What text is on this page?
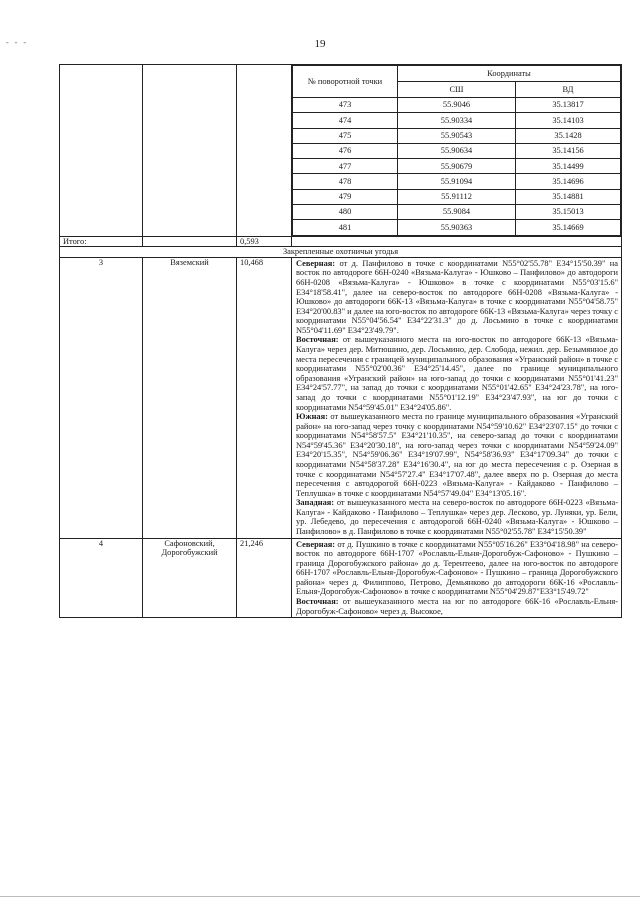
- - -	19

№ поворотной точки	Координаты
СШ	ВД
473	55.9046	35.13817
474	55.90334	35.14103
475	55.90543	35.1428
476	55.90634	35.14156
477	55.90679	35.14499
478	55.91094	35.14696
479	55.91112	35.14881
480	55.9084	35.15013
481	55.90363	35.14669

Итого:		0,593	
Закрепленные охотничьи угодья
3	Вяземский	10,468	Северная: от д. Панфилово в точке с координатами N55°02'55.78" E34°15'50.39" на восток по автодороге 66Н-0240 «Вязьма-Калуга» - Юшково – Панфилово» до автодороги 66Н-0208 «Вязьма-Калуга» - Юшково» в точке с координатами N55°03'15.6" E34°18'58.41", далее на северо-восток по автодороге 66Н-0208 «Вязьма-Калуга» - Юшково» до автодороги 66К-13 «Вязьма-Калуга» в точке с координатами N55°04'58.75" E34°20'00.83" и далее на юго-восток по автодороге 66К-13 «Вязьма-Калуга» через точку с координатами N55°04'56.54" E34°22'31.3" до д. Лосьмино в точке с координатами N55°04'11.69" E34°23'49.79".

Восточная: от вышеуказанного места на юго-восток по автодороге 66К-13 «Вязьма-Калуга» через дер. Митюшино, дер. Лосьмино, дер. Слобода, нежил. дер. Безымянное до места пересечения с границей муниципального образования «Угранский район» в точке с координатами N55°02'00.36" E34°25'14.45", далее по границе муниципального образования «Угранский район» на юго-запад до точки с координатами N55°01'41.23" E34°24'57.77", на запад до точки с координатами N55°01'42.65" E34°24'23.78", на юго-запад до точки с координатами N55°01'12.19" E34°23'47.93", на юг до точки с координатами N54°59'45.01" E34°24'05.86".

Южная: от вышеуказанного места по границе муниципального образования «Угранский район» на юго-запад через точку с координатами N54°59'10.62" E34°23'07.15" до точки с координатами N54°58'57.5" E34°21'10.35", на северо-запад до точки с координатами N54°59'45.36" E34°20'30.18", на юго-запад через точки с координатами N54°59'24.09" E34°20'15.35", N54°59'06.36" E34°19'07.99", N54°58'36.93" E34°17'09.34" до точки с координатами N54°58'37.28" E34°16'30.4", на юг до места пересечения с р. Озерная в точке с координатами N54°57'27.4" E34°17'07.48", далее вверх по р. Озерная до места пересечения с автодорогой 66Н-0223 «Вязьма-Калуга» - Кайдаково - Панфилово – Теплушка» в точке с координатами N54°57'49.04" E34°13'05.16".

Западная: от вышеуказанного места на северо-восток по автодороге 66Н-0223 «Вязьма-Калуга» - Кайдаково - Панфилово – Теплушка» через дер. Лесково, ур. Луняки, ур. Бели, ур. Лебедево, до пересечения с автодорогой 66Н-0240 «Вязьма-Калуга» - Юшково – Панфилово» в д. Панфилово в точке с координатами N55°02'55.78" E34°15'50.39"

4	Сафоновский, Дорогобужский	21,246	Северная: от д. Пушкино в точке с координатами N55°05'16.26" E33°04'18.98" на северо-восток по автодороге 66Н-1707 «Рославль-Ельня-Дорогобуж-Сафоново» - Пушкино – граница Дорогобужского района» до д. Терентеево, далее на юго-восток по автодороге 66Н-1707 «Рославль-Ельня-Дорогобуж-Сафоново» - Пушкино – граница Дорогобужского района» через д. Филиппово, Петрово, Демьянково до автодороги 66К-16 «Рославль-Ельня-Дорогобуж-Сафоново» в точке с координатами N55°04'29.87"E33°15'49.72"

Восточная: от вышеуказанного места на юг по автодороге 66К-16 «Рославль-Ельня-Дорогобуж-Сафоново» через д. Высокое,
